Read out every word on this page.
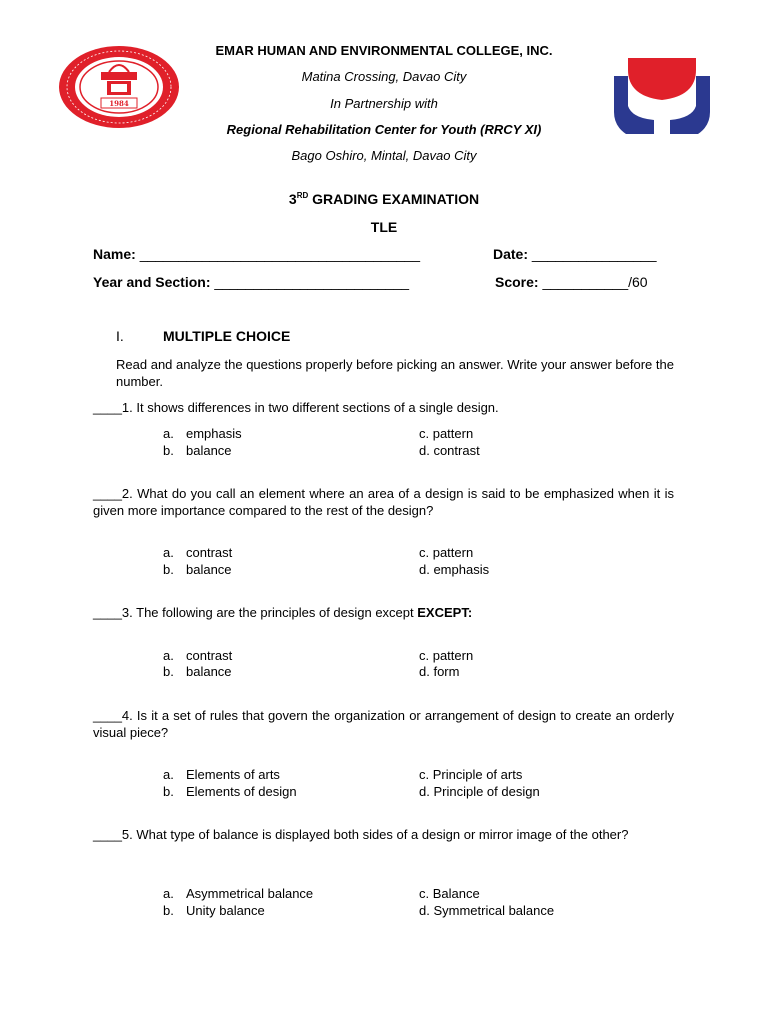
1984
EMAR HUMAN AND ENVIRONMENTAL COLLEGE, INC.
Matina Crossing, Davao City
In Partnership with
Regional Rehabilitation Center for Youth (RRCY XI)
Bago Oshiro, Mintal, Davao City
3RD GRADING EXAMINATION
TLE
Name: ____________________________________	Date: ________________
Year and Section: _________________________	Score: ___________/60
I.	MULTIPLE CHOICE
Read and analyze the questions properly before picking an answer. Write your answer before the number.
____1. It shows differences in two different sections of a single design.
a. emphasis
b. balance
c. pattern
d. contrast
____2. What do you call an element where an area of a design is said to be emphasized when it is given more importance compared to the rest of the design?
a. contrast
b. balance
c. pattern
d. emphasis
____3. The following are the principles of design except EXCEPT:
a. contrast
b. balance
c. pattern
d. form
____4. Is it a set of rules that govern the organization or arrangement of design to create an orderly visual piece?
a. Elements of arts
b. Elements of design
c. Principle of arts
d. Principle of design
____5. What type of balance is displayed both sides of a design or mirror image of the other?
a. Asymmetrical balance
b. Unity balance
c. Balance
d. Symmetrical balance
